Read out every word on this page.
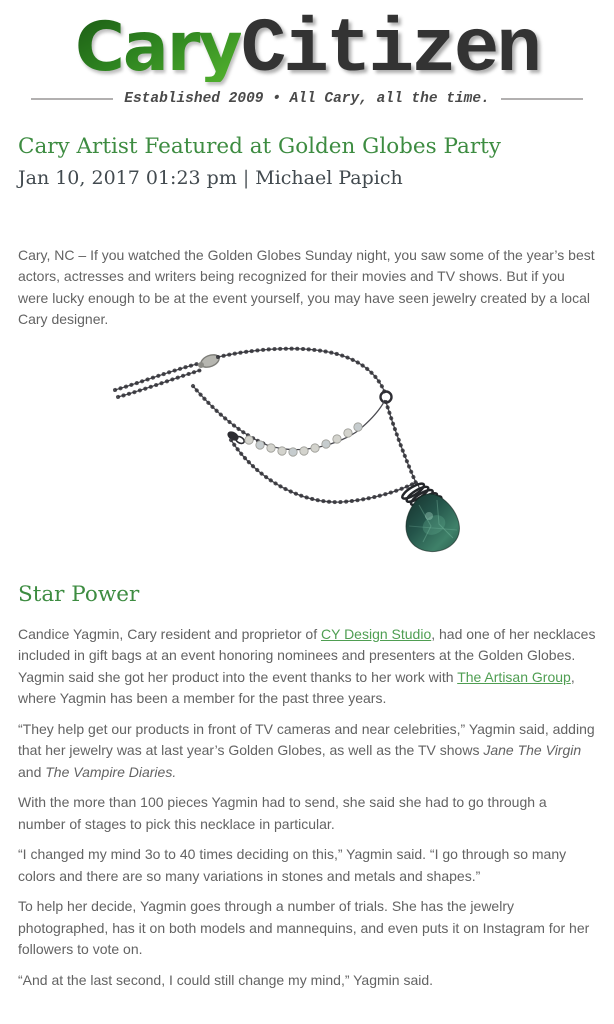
Cary Citizen
Established 2009 • All Cary, all the time.
Cary Artist Featured at Golden Globes Party
Jan 10, 2017 01:23 pm | Michael Papich

Cary, NC – If you watched the Golden Globes Sunday night, you saw some of the year’s best actors, actresses and writers being recognized for their movies and TV shows. But if you were lucky enough to be at the event yourself, you may have seen jewelry created by a local Cary designer.

Star Power

Candice Yagmin, Cary resident and proprietor of CY Design Studio, had one of her necklaces included in gift bags at an event honoring nominees and presenters at the Golden Globes. Yagmin said she got her product into the event thanks to her work with The Artisan Group, where Yagmin has been a member for the past three years.

“They help get our products in front of TV cameras and near celebrities,” Yagmin said, adding that her jewelry was at last year’s Golden Globes, as well as the TV shows Jane The Virgin and The Vampire Diaries.

With the more than 100 pieces Yagmin had to send, she said she had to go through a number of stages to pick this necklace in particular.

“I changed my mind 3o to 40 times deciding on this,” Yagmin said. “I go through so many colors and there are so many variations in stones and metals and shapes.”

To help her decide, Yagmin goes through a number of trials. She has the jewelry photographed, has it on both models and mannequins, and even puts it on Instagram for her followers to vote on.

“And at the last second, I could still change my mind,” Yagmin said.
